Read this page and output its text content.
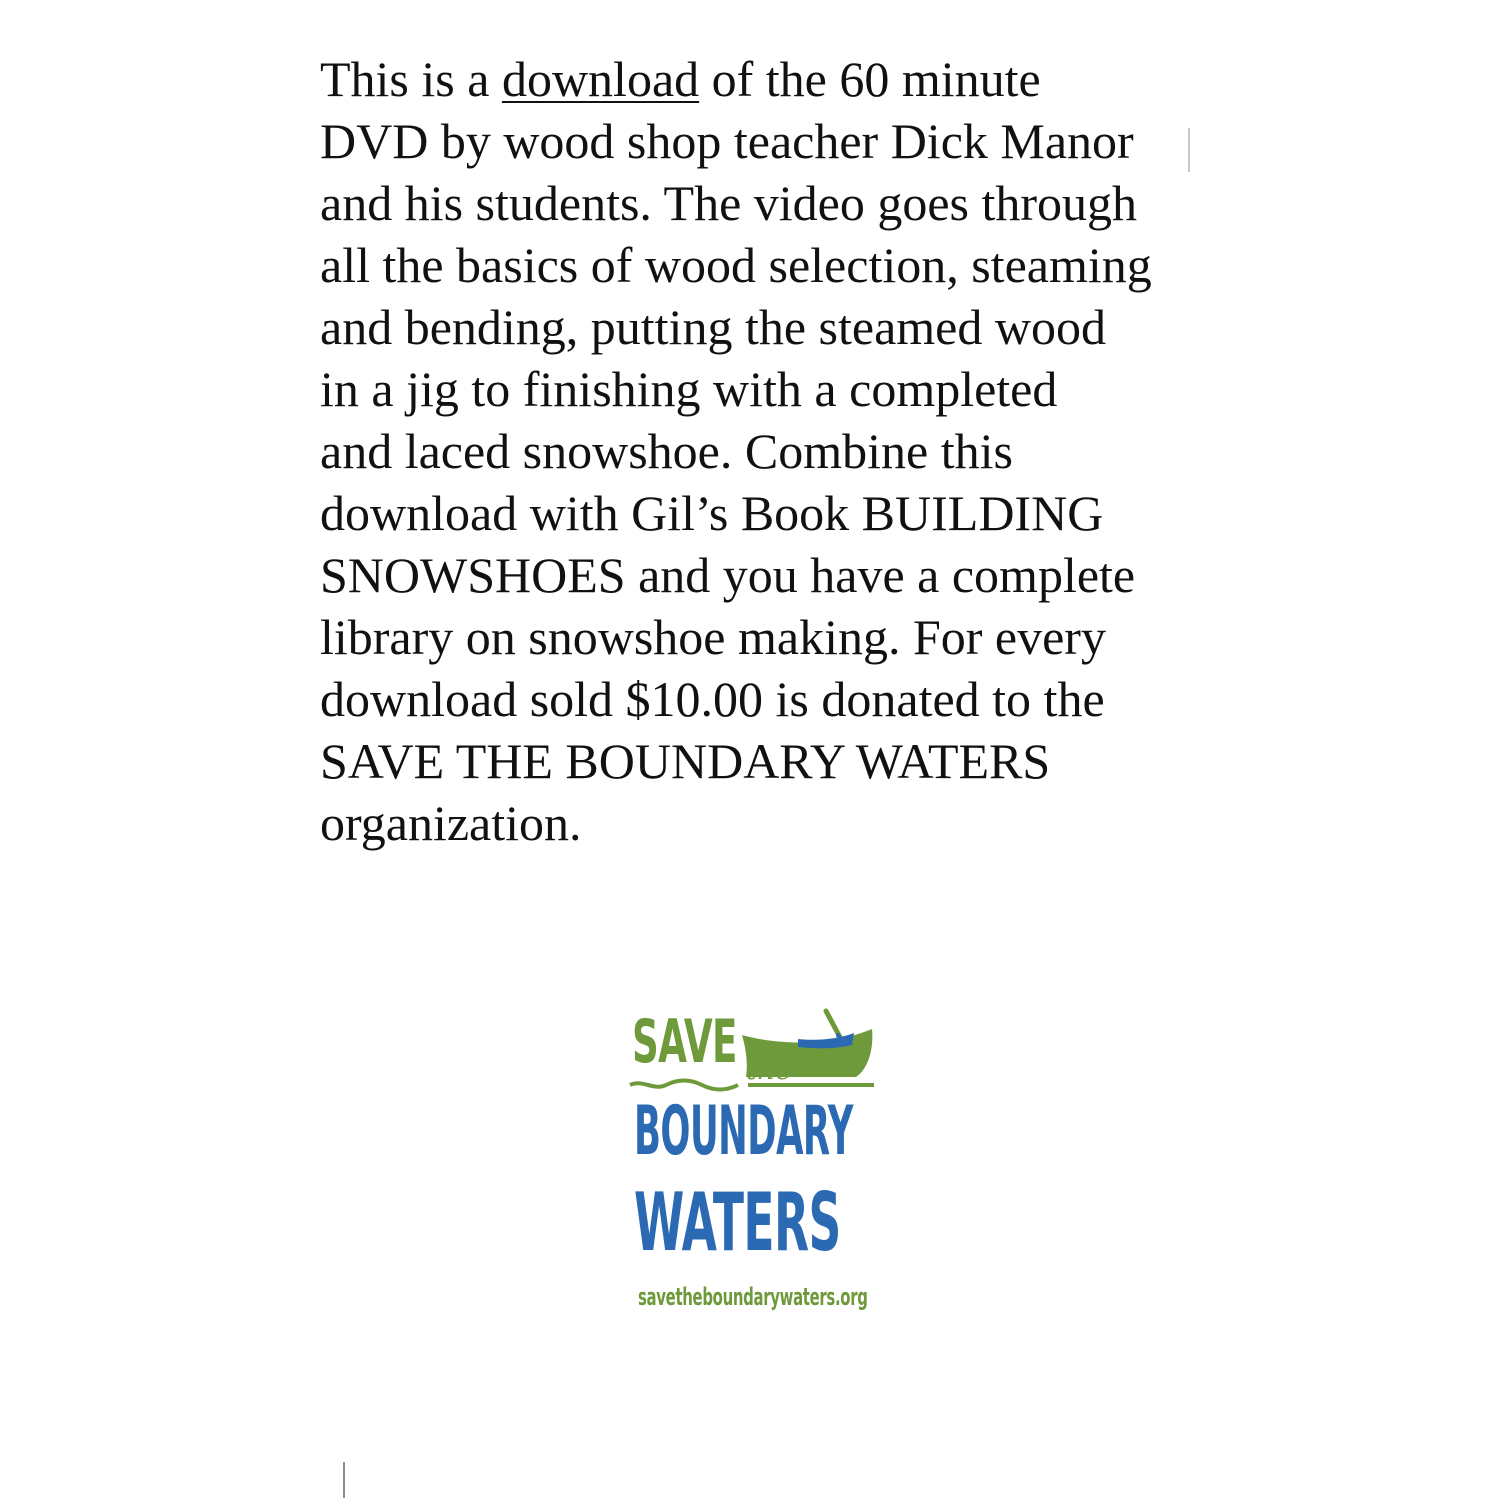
This is a download of the 60 minute
DVD by wood shop teacher Dick Manor
and his students. The video goes through
all the basics of wood selection, steaming
and bending, putting the steamed wood
in a jig to finishing with a completed
and laced snowshoe. Combine this
download with Gil’s Book BUILDING
SNOWSHOES and you have a complete
library on snowshoe making. For every
download sold $10.00 is donated to the
SAVE THE BOUNDARY WATERS
organization.
SAVE the
BOUNDARY
WATERS
savetheboundarywaters.org
